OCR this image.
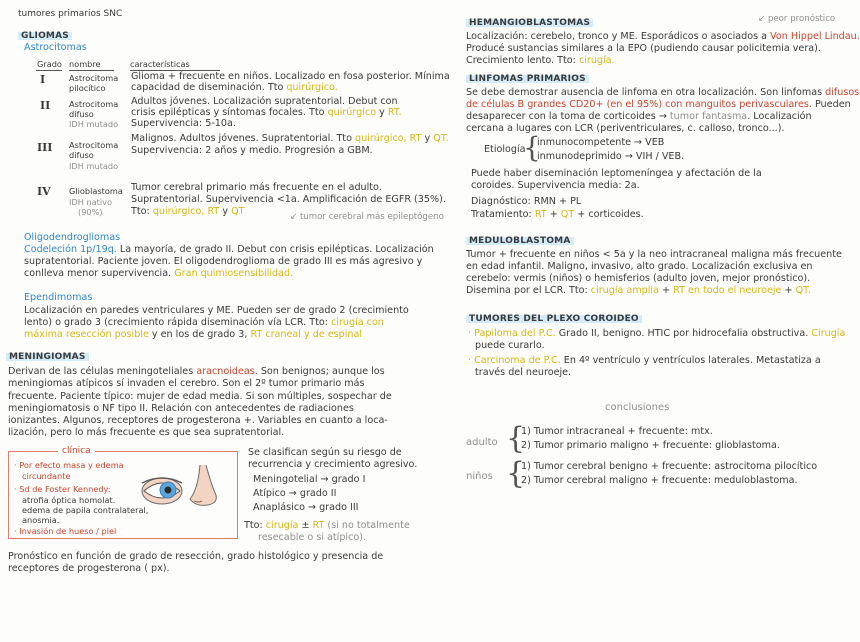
tumores primarios SNC
GLIOMAS
Astrocitomas
Grado nombre	características
I	Astrocitoma
pilocítico
Glioma + frecuente en niños. Localizado en fosa posterior. Mínima
capacidad de diseminación. Tto quirúrgico.
II Astrocitoma
difuso
IDH mutado
Adultos jóvenes. Localización supratentorial. Debut con
crisis epilépticas y síntomas focales. Tto quirúrgico y RT.
Supervivencia: 5-10a.
III Astrocitoma
difuso
IDH mutado
Malignos. Adultos jóvenes. Supratentorial. Tto quirúrgico, RT y QT.
Supervivencia: 2 años y medio. Progresión a GBM.
IV Glioblastoma
IDH nativo
(90%)
Tumor cerebral primario más frecuente en el adulto.
Supratentorial. Supervivencia <1a. Amplificación de EGFR (35%).
Tto: quirúrgico, RT y QT	↙ tumor cerebral más epileptógeno
Oligodendrogliomas
Codeleción 1p/19q. La mayoría, de grado II. Debut con crisis epilépticas. Localización
supratentorial. Paciente joven. El oligodendroglioma de grado III es más agresivo y
conlleva menor supervivencia. Gran quimiosensibilidad.
Ependimomas
Localización en paredes ventriculares y ME. Pueden ser de grado 2 (crecimiento
lento) o grado 3 (crecimiento rápida diseminación vía LCR. Tto: cirugía con
máxima resección posible y en los de grado 3, RT craneal y de espinal
MENINGIOMAS
Derivan de las células meningoteliales aracnoideas. Son benignos; aunque los
meningiomas atípicos sí invaden el cerebro. Son el 2º tumor primario más
frecuente. Paciente típico: mujer de edad media. Si son múltiples, sospechar de
meningiomatosis o NF tipo II. Relación con antecedentes de radiaciones
ionizantes. Algunos, receptores de progesterona +. Variables en cuanto a loca-
lización, pero lo más frecuente es que sea supratentorial.
clínica
· Por efecto masa y edema
circundante
· Sd de Foster Kennedy:
atrofia óptica homolat.
edema de papila contralateral,
anosmia.
· Invasión de hueso / piel
Se clasifican según su riesgo de
recurrencia y crecimiento agresivo.
Meningotelial → grado I
Atípico → grado II
Anaplásico → grado III
Tto: cirugía ± RT (si no totalmente
resecable o si atípico).
Pronóstico en función de grado de resección, grado histológico y presencia de
receptores de progesterona ( px).
HEMANGIOBLASTOMAS	↙ peor pronóstico
Localización: cerebelo, tronco y ME. Esporádicos o asociados a Von Hippel Lindau.
Producé sustancias similares a la EPO (pudiendo causar policitemia vera).
Crecimiento lento. Tto: cirugía.
LINFOMAS PRIMARIOS
Se debe demostrar ausencia de linfoma en otra localización. Son linfomas difusos
de células B grandes CD20+ (en el 95%) con manguitos perivasculares. Pueden
desaparecer con la toma de corticoides → tumor fantasma. Localización
cercana a lugares con LCR (periventriculares, c. calloso, tronco...).
Etiología
{
inmunocompetente → VEB
inmunodeprimido → VIH / VEB.
Puede haber diseminación leptomeníngea y afectación de la
coroides. Supervivencia media: 2a.
Diagnóstico: RMN + PL
Tratamiento: RT + QT + corticoides.
MEDULOBLASTOMA
Tumor + frecuente en niños < 5a y la neo intracraneal maligna más frecuente
en edad infantil. Maligno, invasivo, alto grado. Localización exclusiva en
cerebelo: vermis (niños) o hemisferios (adulto joven, mejor pronóstico).
Disemina por el LCR. Tto: cirugía amplia + RT en todo el neuroeje + QT.
TUMORES DEL PLEXO COROIDEO
· Papiloma del P.C. Grado II, benigno. HTIC por hidrocefalia obstructiva. Cirugía
puede curarlo.
· Carcinoma de P.C. En 4º ventrículo y ventrículos laterales. Metastatiza a
través del neuroeje.
conclusiones
adulto {
1) Tumor intracraneal + frecuente: mtx.
2) Tumor primario maligno + frecuente: glioblastoma.
niños {
1) Tumor cerebral benigno + frecuente: astrocitoma pilocítico
2) Tumor cerebral maligno + frecuente: meduloblastoma.
